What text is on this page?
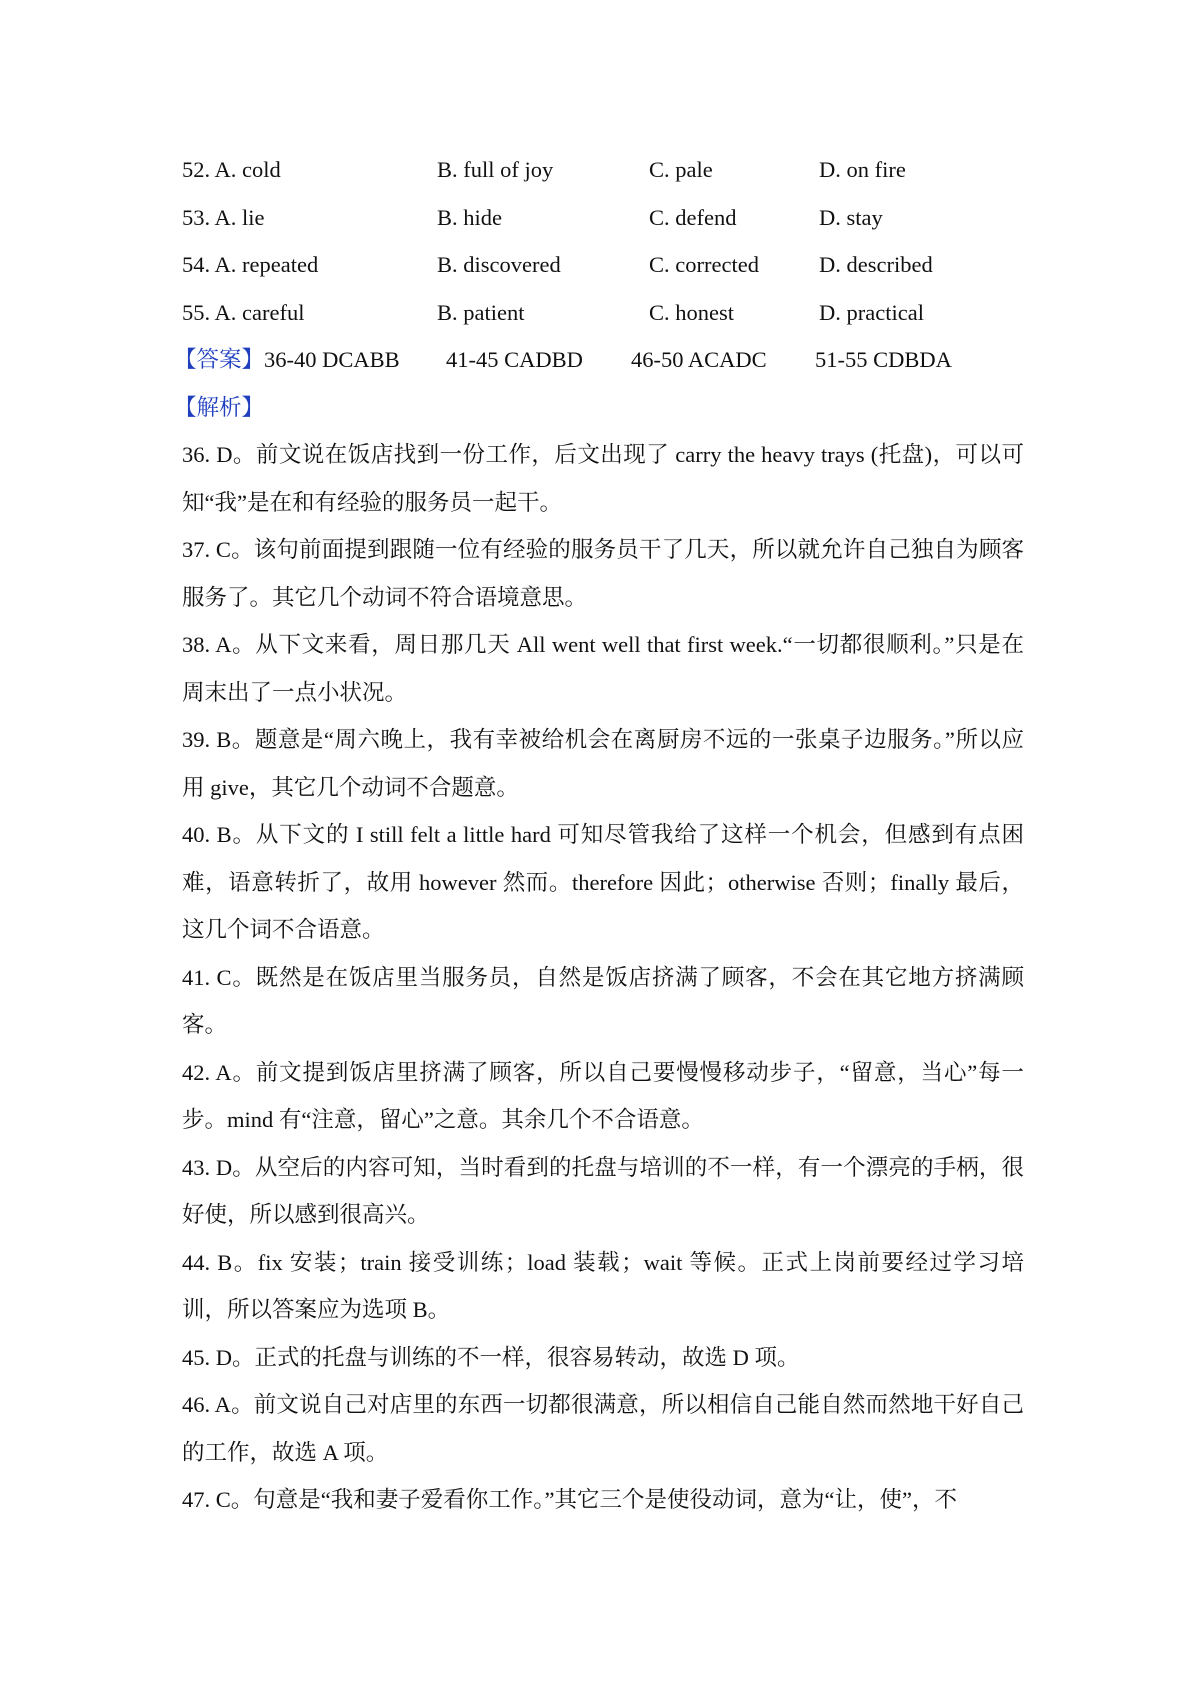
52. A. cold	B. full of joy	C. pale	D. on fire
53. A. lie	B. hide	C. defend	D. stay
54. A. repeated	B. discovered	C. corrected	D. described
55. A. careful	B. patient	C. honest	D. practical
【答案】 36-40 DCABB	41-45 CADBD	46-50 ACADC	51-55 CDBDA
【解析】
36. D。前文说在饭店找到一份工作，后文出现了 carry the heavy trays (托盘)，可以可知“我”是在和有经验的服务员一起干。
37. C。该句前面提到跟随一位有经验的服务员干了几天，所以就允许自己独自为顾客服务了。其它几个动词不符合语境意思。
38. A。从下文来看，周日那几天 All went well that first week.“一切都很顺利。”只是在周末出了一点小状况。
39. B。题意是“周六晚上，我有幸被给机会在离厨房不远的一张桌子边服务。”所以应用 give，其它几个动词不合题意。
40. B。从下文的 I still felt a little hard 可知尽管我给了这样一个机会，但感到有点困难，语意转折了，故用 however 然而。therefore 因此；otherwise 否则；finally 最后，这几个词不合语意。
41. C。既然是在饭店里当服务员，自然是饭店挤满了顾客，不会在其它地方挤满顾客。
42. A。前文提到饭店里挤满了顾客，所以自己要慢慢移动步子，“留意，当心”每一步。mind 有“注意，留心”之意。其余几个不合语意。
43. D。从空后的内容可知，当时看到的托盘与培训的不一样，有一个漂亮的手柄，很好使，所以感到很高兴。
44. B。fix 安装；train 接受训练；load 装载；wait 等候。正式上岗前要经过学习培训，所以答案应为选项 B。
45. D。正式的托盘与训练的不一样，很容易转动，故选 D 项。
46. A。前文说自己对店里的东西一切都很满意，所以相信自己能自然而然地干好自己的工作，故选 A 项。
47. C。句意是“我和妻子爱看你工作。”其它三个是使役动词，意为“让，使”，不
